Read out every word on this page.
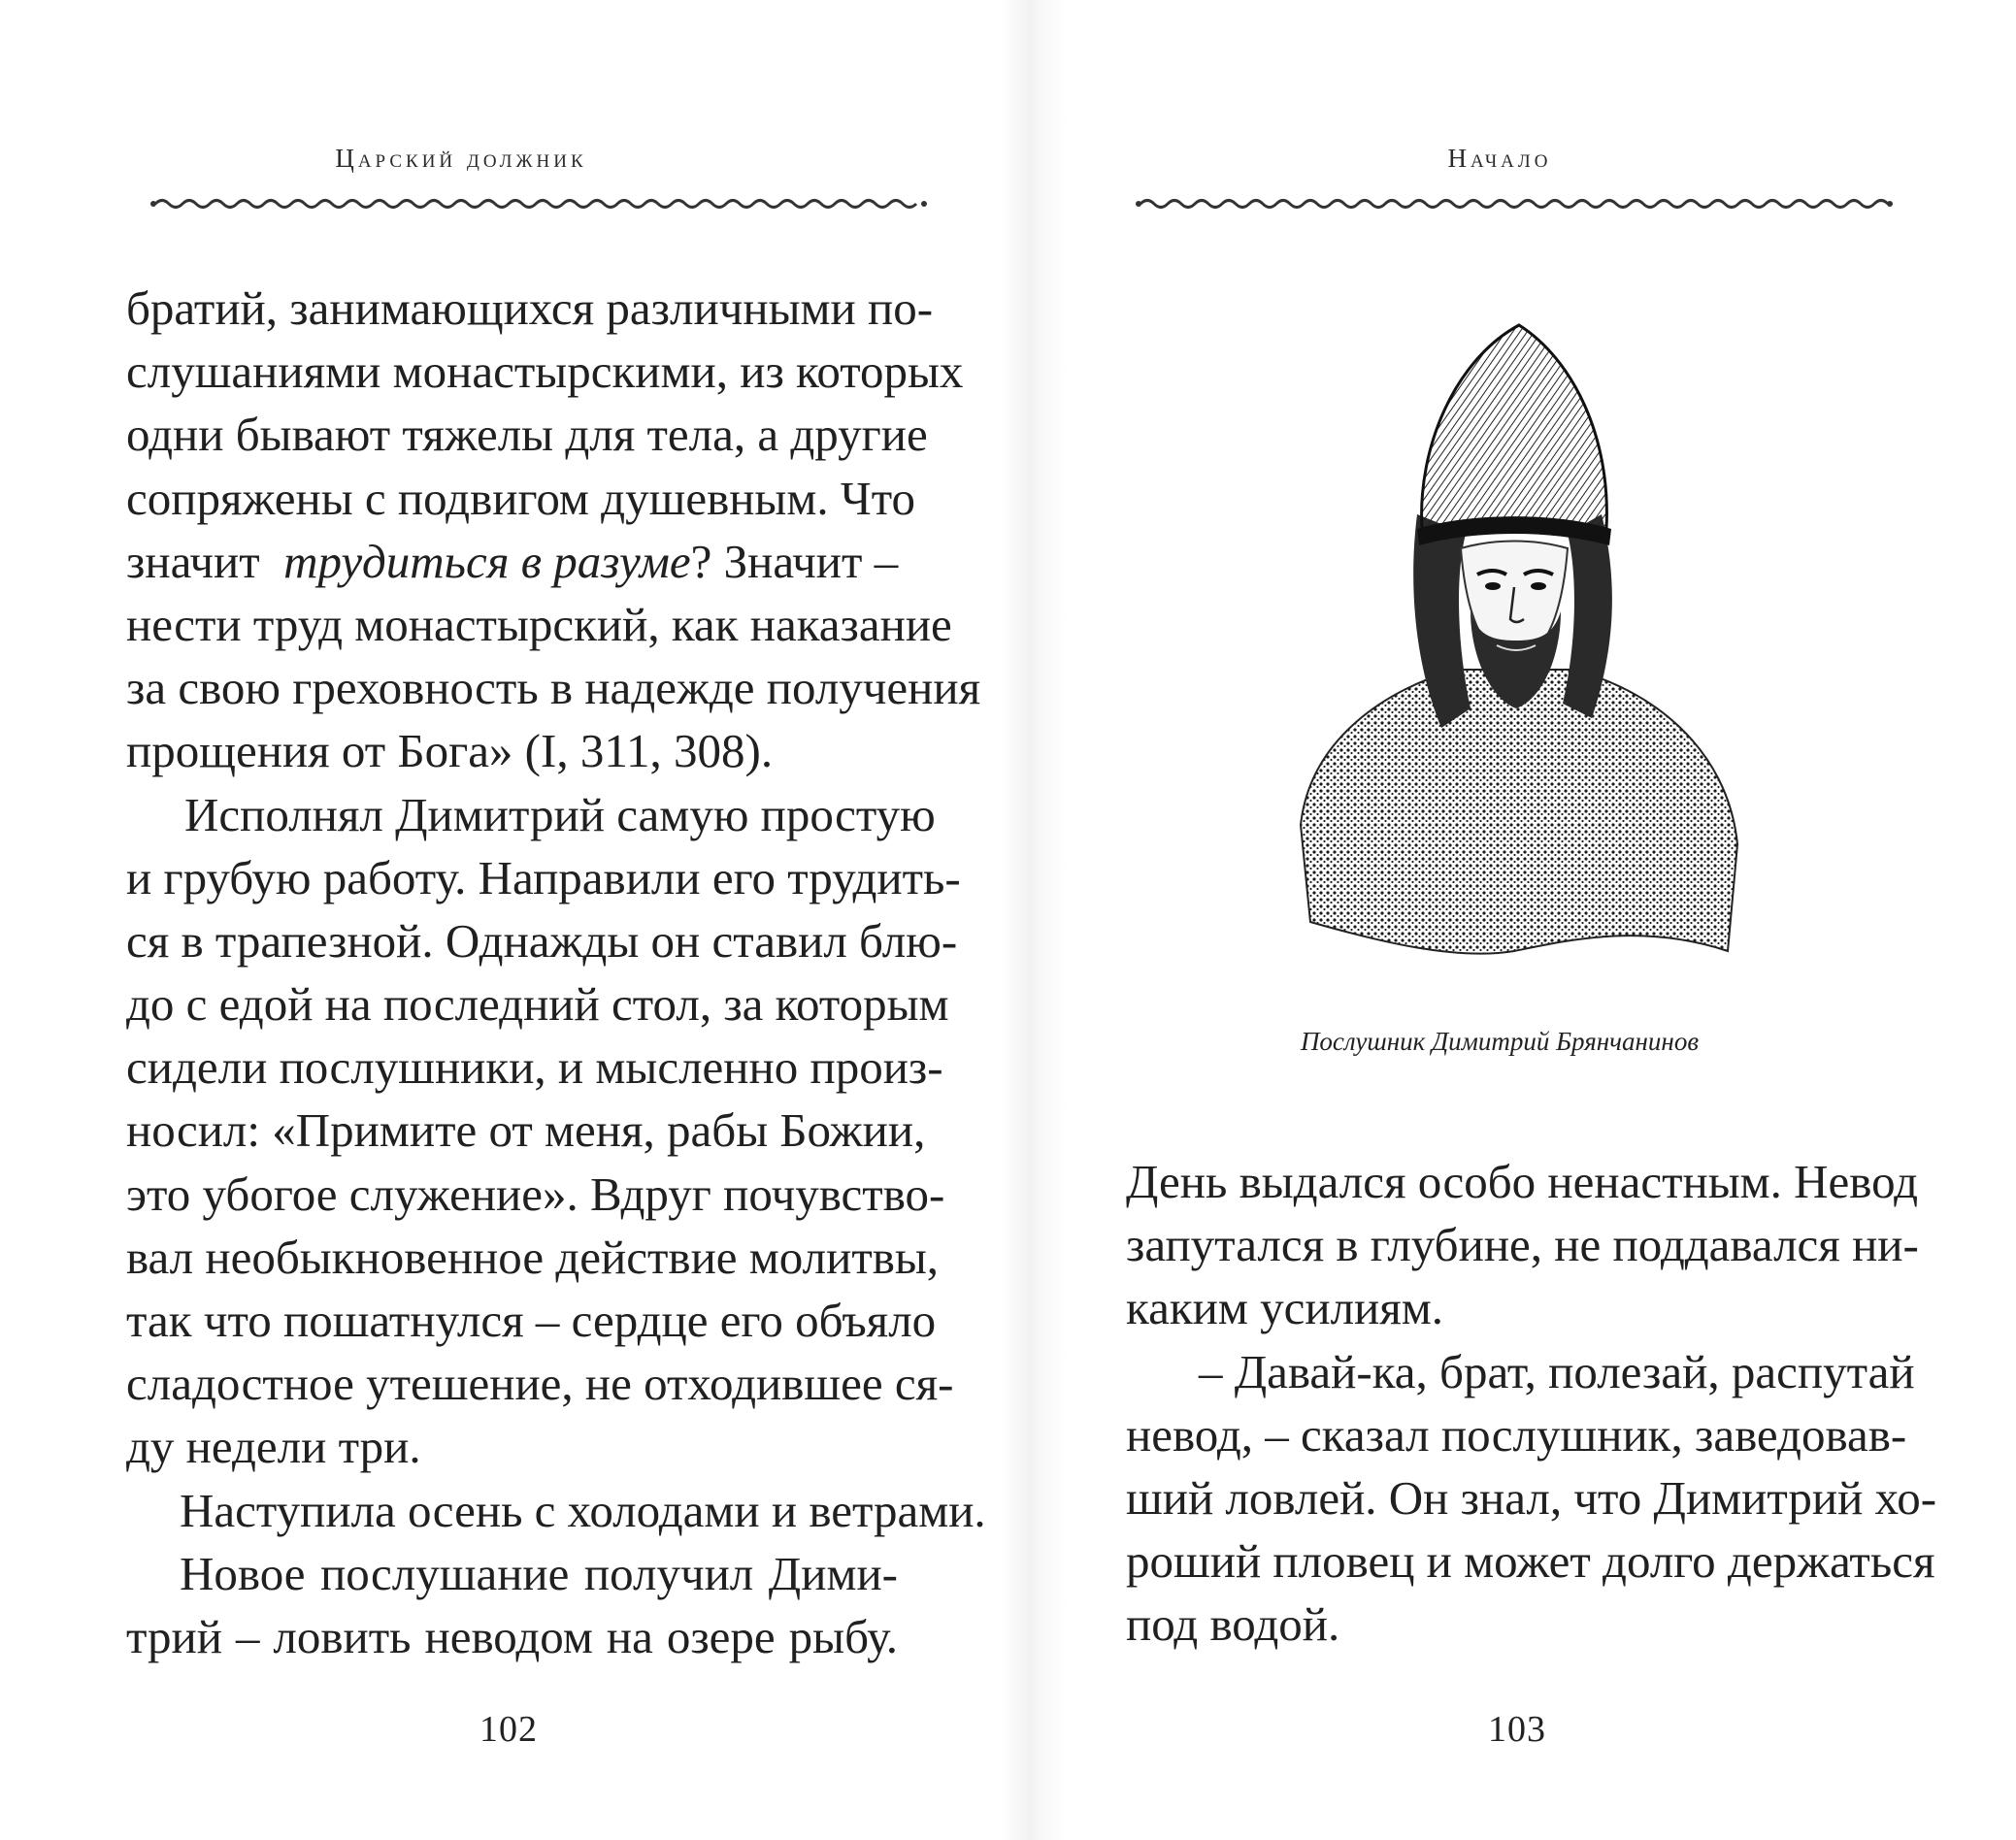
Царский должник
братий, занимающихся различными по-
слушаниями монастырскими, из которых
одни бывают тяжелы для тела, а другие
сопряжены с подвигом душевным. Что
значит  трудиться в разуме? Значит –
нести труд монастырский, как наказание
за свою греховность в надежде получения
прощения от Бога» (I, 311, 308).
Исполнял Димитрий самую простую
и грубую работу. Направили его трудить-
ся в трапезной. Однажды он ставил блю-
до с едой на последний стол, за которым
сидели послушники, и мысленно произ-
носил: «Примите от меня, рабы Божии,
это убогое служение». Вдруг почувство-
вал необыкновенное действие молитвы,
так что пошатнулся – сердце его объяло
сладостное утешение, не отходившее ся-
ду недели три.
Наступила осень с холодами и ветрами.
Новое послушание получил Дими-
трий – ловить неводом на озере рыбу.
102
Начало
Послушник Димитрий Брянчанинов
День выдался особо ненастным. Невод
запутался в глубине, не поддавался ни-
каким усилиям.
– Давай-ка, брат, полезай, распутай
невод, – сказал послушник, заведовав-
ший ловлей. Он знал, что Димитрий хо-
роший пловец и может долго держаться
под водой.
103
